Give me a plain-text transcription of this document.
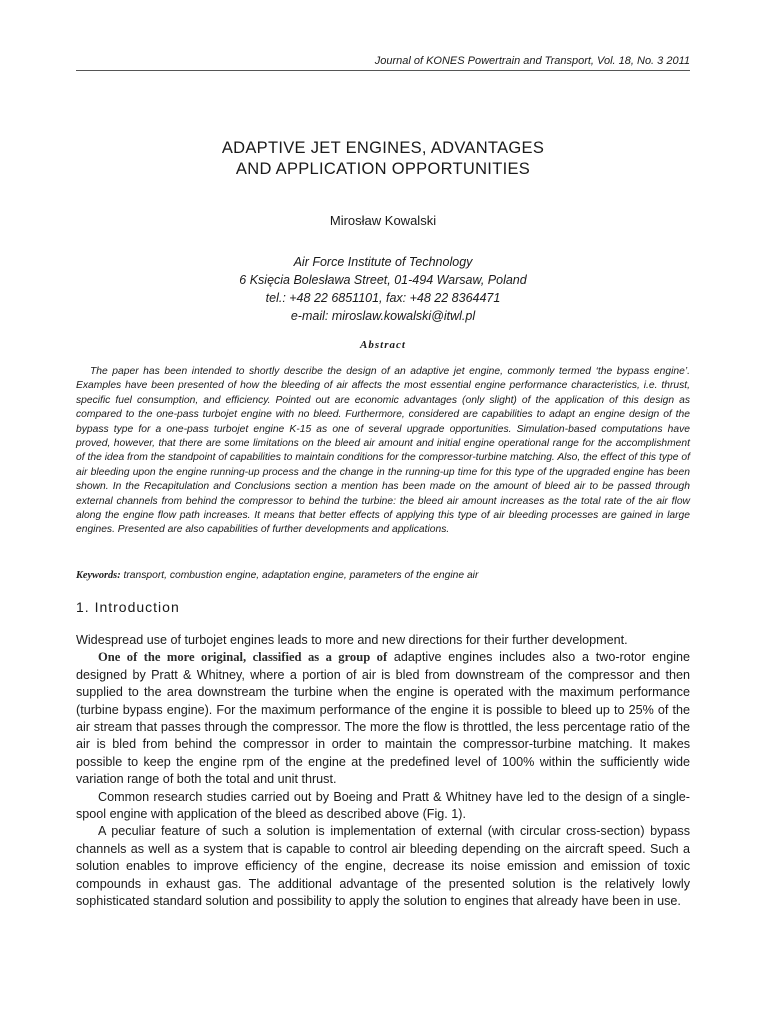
Journal of KONES Powertrain and Transport, Vol. 18, No. 3 2011
ADAPTIVE JET ENGINES, ADVANTAGES
AND APPLICATION OPPORTUNITIES
Mirosław Kowalski
Air Force Institute of Technology
6 Księcia Bolesława Street, 01-494 Warsaw, Poland
tel.: +48 22 6851101, fax: +48 22 8364471
e-mail: miroslaw.kowalski@itwl.pl
Abstract

The paper has been intended to shortly describe the design of an adaptive jet engine, commonly termed ‘the bypass engine’. Examples have been presented of how the bleeding of air affects the most essential engine performance characteristics, i.e. thrust, specific fuel consumption, and efficiency. Pointed out are economic advantages (only slight) of the application of this design as compared to the one-pass turbojet engine with no bleed. Furthermore, considered are capabilities to adapt an engine design of the bypass type for a one-pass turbojet engine K-15 as one of several upgrade opportunities. Simulation-based computations have proved, however, that there are some limitations on the bleed air amount and initial engine operational range for the accomplishment of the idea from the standpoint of capabilities to maintain conditions for the compressor-turbine matching. Also, the effect of this type of air bleeding upon the engine running-up process and the change in the running-up time for this type of the upgraded engine has been shown. In the Recapitulation and Conclusions section a mention has been made on the amount of bleed air to be passed through external channels from behind the compressor to behind the turbine: the bleed air amount increases as the total rate of the air flow along the engine flow path increases. It means that better effects of applying this type of air bleeding processes are gained in large engines. Presented are also capabilities of further developments and applications.

Keywords: transport, combustion engine, adaptation engine, parameters of the engine air
1. Introduction

Widespread use of turbojet engines leads to more and new directions for their further development.

One of the more original, classified as a group of adaptive engines includes also a two-rotor engine designed by Pratt & Whitney, where a portion of air is bled from downstream of the compressor and then supplied to the area downstream the turbine when the engine is operated with the maximum performance (turbine bypass engine). For the maximum performance of the engine it is possible to bleed up to 25% of the air stream that passes through the compressor. The more the flow is throttled, the less percentage ratio of the air is bled from behind the compressor in order to maintain the compressor-turbine matching. It makes possible to keep the engine rpm of the engine at the predefined level of 100% within the sufficiently wide variation range of both the total and unit thrust.

Common research studies carried out by Boeing and Pratt & Whitney have led to the design of a single-spool engine with application of the bleed as described above (Fig. 1).

A peculiar feature of such a solution is implementation of external (with circular cross-section) bypass channels as well as a system that is capable to control air bleeding depending on the aircraft speed. Such a solution enables to improve efficiency of the engine, decrease its noise emission and emission of toxic compounds in exhaust gas. The additional advantage of the presented solution is the relatively lowly sophisticated standard solution and possibility to apply the solution to engines that already have been in use.
